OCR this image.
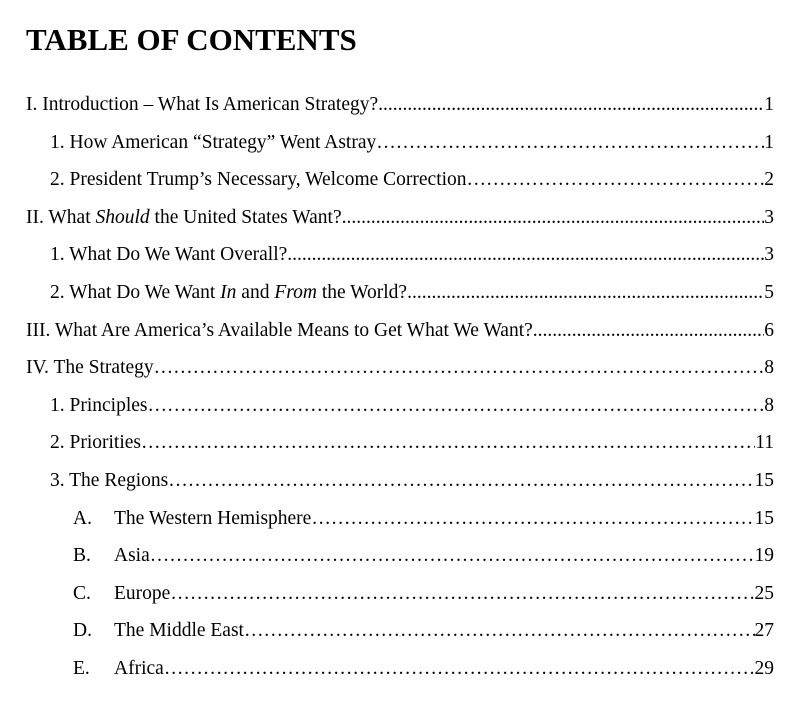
TABLE OF CONTENTS
I. Introduction – What Is American Strategy? .....	1
1. How American “Strategy” Went Astray ………………………………………………………………………………………………………………………………………………………………………………	1
2. President Trump’s Necessary, Welcome Correction ………………………………………………………………………………………………………………………………………………………………………………	2
II. What Should the United States Want? .....	3
1. What Do We Want Overall? .....	3
2. What Do We Want In and From the World? .....	5
III. What Are America’s Available Means to Get What We Want? .....	6
IV. The Strategy ………………………………………………………………………………………………………………………………………………………………………………	8
1. Principles ………………………………………………………………………………………………………………………………………………………………………………	8
2. Priorities ………………………………………………………………………………………………………………………………………………………………………………	11
3. The Regions ………………………………………………………………………………………………………………………………………………………………………………	15
A. The Western Hemisphere ………………………………………………………………………………………………………………………………………………………………………………	15
B. Asia ………………………………………………………………………………………………………………………………………………………………………………	19
C. Europe ………………………………………………………………………………………………………………………………………………………………………………	25
D. The Middle East ………………………………………………………………………………………………………………………………………………………………………………	27
E. Africa ………………………………………………………………………………………………………………………………………………………………………………	29
